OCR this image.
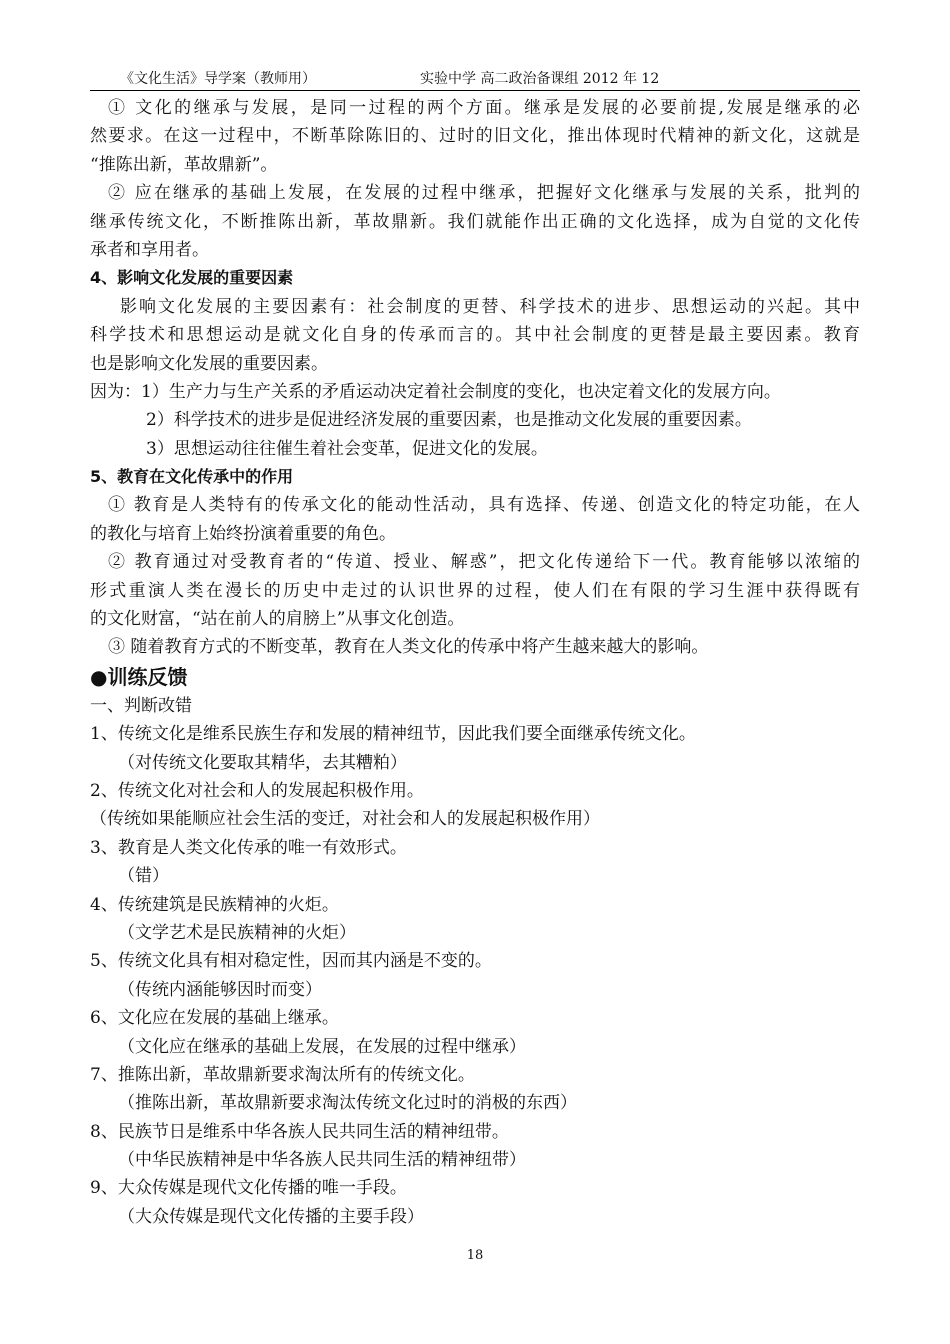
《文化生活》导学案（教师用）	实验中学 高二政治备课组 2012 年 12
① 文化的继承与发展，是同一过程的两个方面。继承是发展的必要前提,发展是继承的必
然要求。在这一过程中，不断革除陈旧的、过时的旧文化，推出体现时代精神的新文化，这就是
“推陈出新，革故鼎新”。
② 应在继承的基础上发展，在发展的过程中继承，把握好文化继承与发展的关系，批判的
继承传统文化，不断推陈出新，革故鼎新。我们就能作出正确的文化选择，成为自觉的文化传
承者和享用者。
4、影响文化发展的重要因素
影响文化发展的主要因素有：社会制度的更替、科学技术的进步、思想运动的兴起。其中
科学技术和思想运动是就文化自身的传承而言的。其中社会制度的更替是最主要因素。教育
也是影响文化发展的重要因素。
因为：1）生产力与生产关系的矛盾运动决定着社会制度的变化，也决定着文化的发展方向。
2）科学技术的进步是促进经济发展的重要因素，也是推动文化发展的重要因素。
3）思想运动往往催生着社会变革，促进文化的发展。
5、教育在文化传承中的作用
① 教育是人类特有的传承文化的能动性活动，具有选择、传递、创造文化的特定功能，在人
的教化与培育上始终扮演着重要的角色。
② 教育通过对受教育者的“传道、授业、解惑”，把文化传递给下一代。教育能够以浓缩的
形式重演人类在漫长的历史中走过的认识世界的过程，使人们在有限的学习生涯中获得既有
的文化财富，“站在前人的肩膀上”从事文化创造。
③ 随着教育方式的不断变革，教育在人类文化的传承中将产生越来越大的影响。
●训练反馈
一、判断改错
1、传统文化是维系民族生存和发展的精神纽节，因此我们要全面继承传统文化。
（对传统文化要取其精华，去其糟粕）
2、传统文化对社会和人的发展起积极作用。
（传统如果能顺应社会生活的变迁，对社会和人的发展起积极作用）
3、教育是人类文化传承的唯一有效形式。
（错）
4、传统建筑是民族精神的火炬。
（文学艺术是民族精神的火炬）
5、传统文化具有相对稳定性，因而其内涵是不变的。
（传统内涵能够因时而变）
6、文化应在发展的基础上继承。
（文化应在继承的基础上发展，在发展的过程中继承）
7、推陈出新，革故鼎新要求淘汰所有的传统文化。
（推陈出新，革故鼎新要求淘汰传统文化过时的消极的东西）
8、民族节日是维系中华各族人民共同生活的精神纽带。
（中华民族精神是中华各族人民共同生活的精神纽带）
9、大众传媒是现代文化传播的唯一手段。
（大众传媒是现代文化传播的主要手段）
18
